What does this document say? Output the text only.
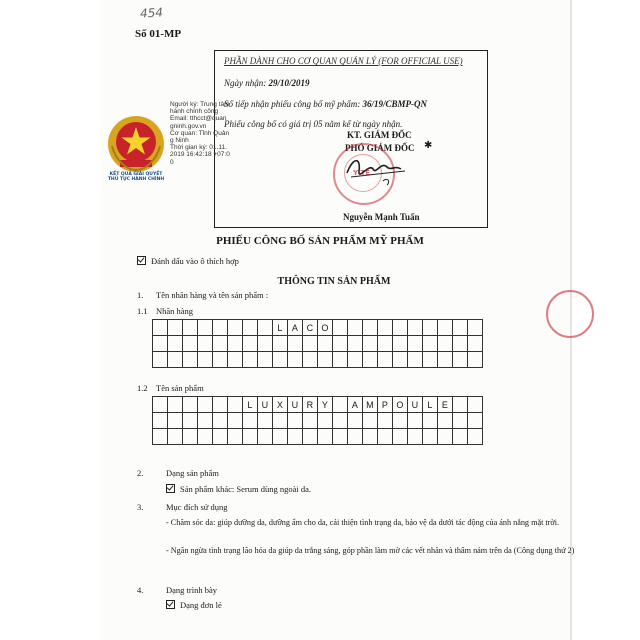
454
Số 01-MP
PHẦN DÀNH CHO CƠ QUAN QUẢN LÝ (FOR OFFICIAL USE)
Ngày nhận: 29/10/2019
Số tiếp nhận phiếu công bố mỹ phẩm: 36/19/CBMP-QN
Phiếu công bố có giá trị 05 năm kể từ ngày nhận.
KT. GIÁM ĐỐC
PHÓ GIÁM ĐỐC
Y TẾ
Nguyễn Mạnh Tuấn
✱
KẾT QUẢ GIẢI QUYẾT THỦ TỤC HÀNH CHÍNH
Người ký: Trung tâm hành chính công
Email: tthcct@quangninh.gov.vn
Cơ quan: Tỉnh Quảng Ninh
Thời gian ký: 01.11.2019 16:42:18 +07:00
PHIẾU CÔNG BỐ SẢN PHẨM MỸ PHẨM
Đánh dấu vào ô thích hợp
THÔNG TIN SẢN PHẨM
1. Tên nhãn hàng và tên sản phẩm :
1.1 Nhãn hàng
L	A C O
1.2 Tên sản phẩm
L U X U R Y	A M P O U L	E
2.	Dạng sản phẩm
Sản phẩm khác: Serum dùng ngoài da.
3.	Mục đích sử dụng
- Chăm sóc da: giúp dưỡng da, dưỡng ẩm cho da, cải thiện tình trạng da, bảo vệ da dưới tác động của ánh nắng mặt trời.
- Ngăn ngừa tình trạng lão hóa da giúp da trắng sáng, góp phần làm mờ các vết nhăn và thâm nám trên da (Công dụng thứ 2)
4.	Dạng trình bày
Dạng đơn lẻ
